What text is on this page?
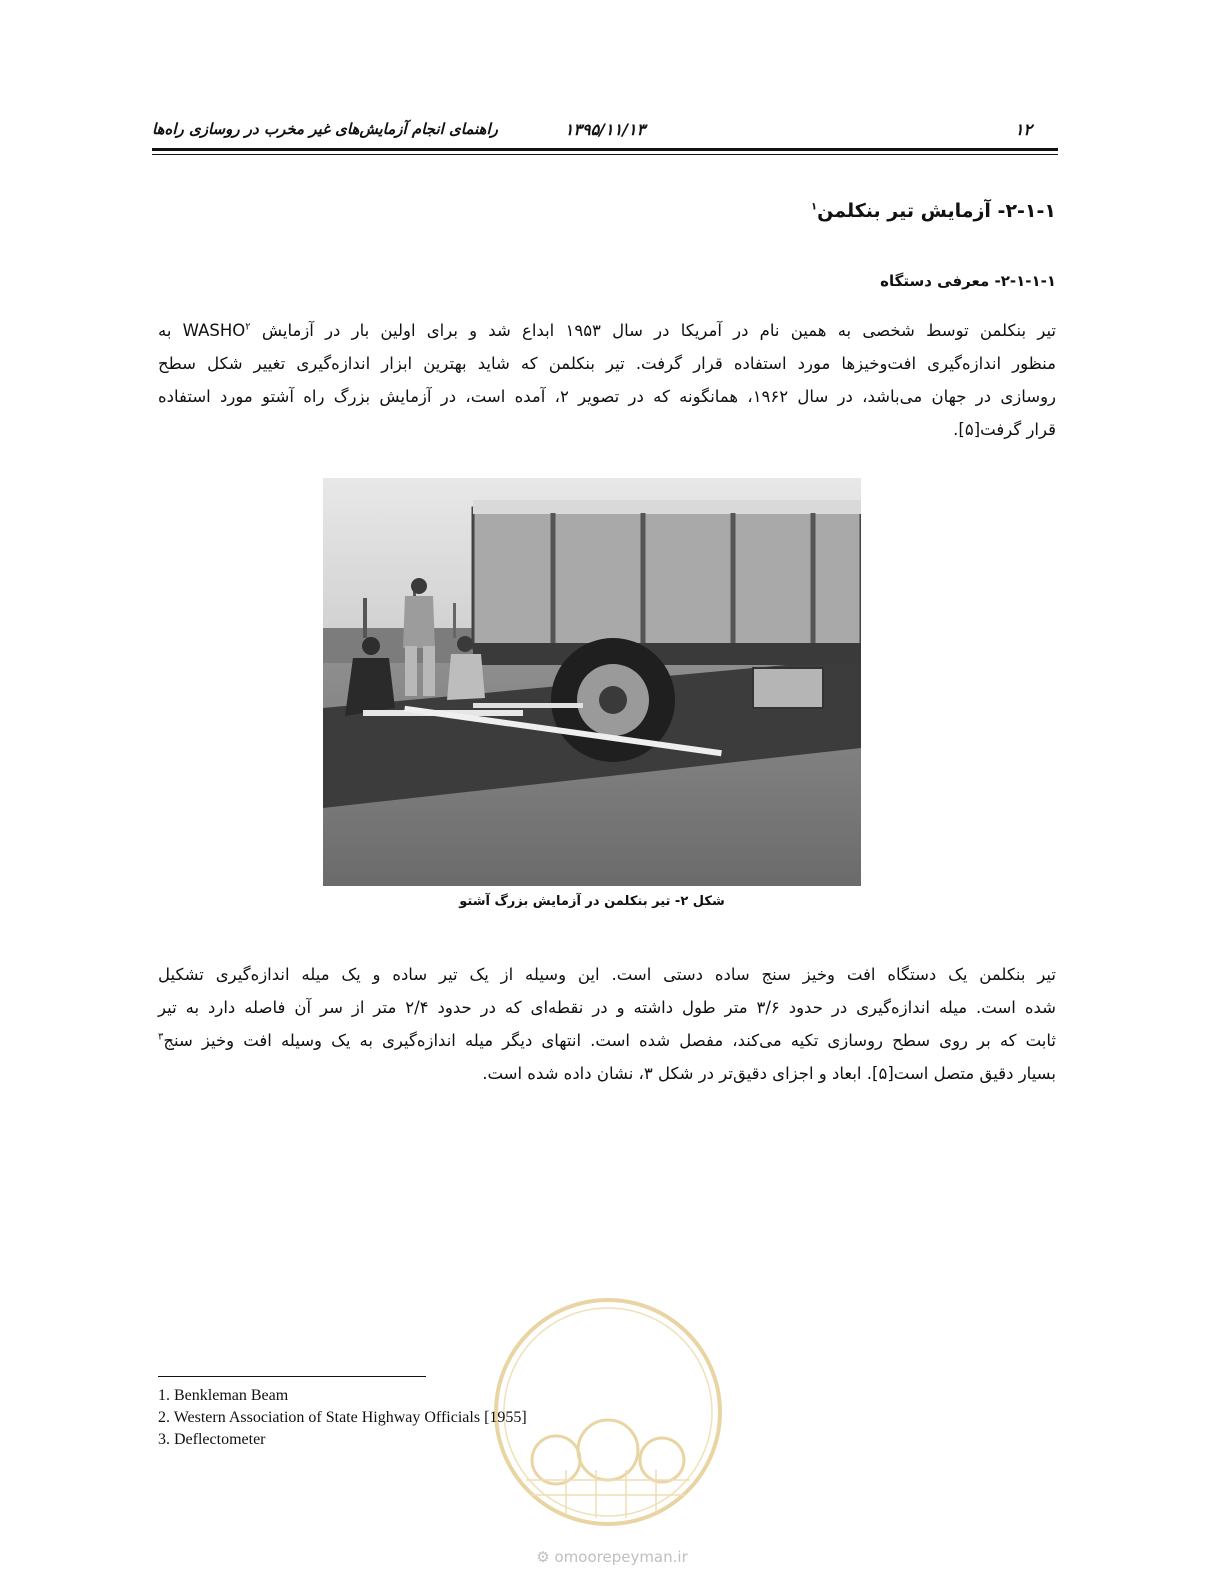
۱۲
۱۳۹۵/۱۱/۱۳
راهنمای انجام آزمایش‌های غیر مخرب در روسازی راه‌ها
۲-۱-۱- آزمایش تیر بنکلمن$^۱$
۲-۱-۱-۱- معرفی دستگاه

تیر بنکلمن توسط شخصی به همین نام در آمریکا در سال ۱۹۵۳ ابداع شد و برای اولین بار در آزمایش WASHO$^۲$ به
منظور اندازه‌گیری افت‌وخیزها مورد استفاده قرار گرفت. تیر بنکلمن که شاید بهترین ابزار اندازه‌گیری تغییر شکل سطح
روسازی در جهان می‌باشد، در سال ۱۹۶۲، همانگونه که در تصویر ۲، آمده است، در آزمایش بزرگ راه آشتو مورد استفاده
قرار گرفت[۵].

شکل ۲- تیر بنکلمن در آزمایش بزرگ آشتو

تیر بنکلمن یک دستگاه افت وخیز سنج ساده دستی است. این وسیله از یک تیر ساده و یک میله اندازه‌گیری تشکیل
شده است. میله اندازه‌گیری در حدود ۳/۶ متر طول داشته و در نقطه‌ای که در حدود ۲/۴ متر از سر آن فاصله دارد به تیر
ثابت که بر روی سطح روسازی تکیه می‌کند، مفصل شده است. انتهای دیگر میله اندازه‌گیری به یک وسیله افت وخیز سنج$^۳$
بسیار دقیق متصل است[۵]. ابعاد و اجزای دقیق‌تر در شکل ۳، نشان داده شده است.

1. Benkleman Beam
2. Western Association of State Highway Officials [1955]
3. Deflectometer
⚙ omoorepeyman.ir
